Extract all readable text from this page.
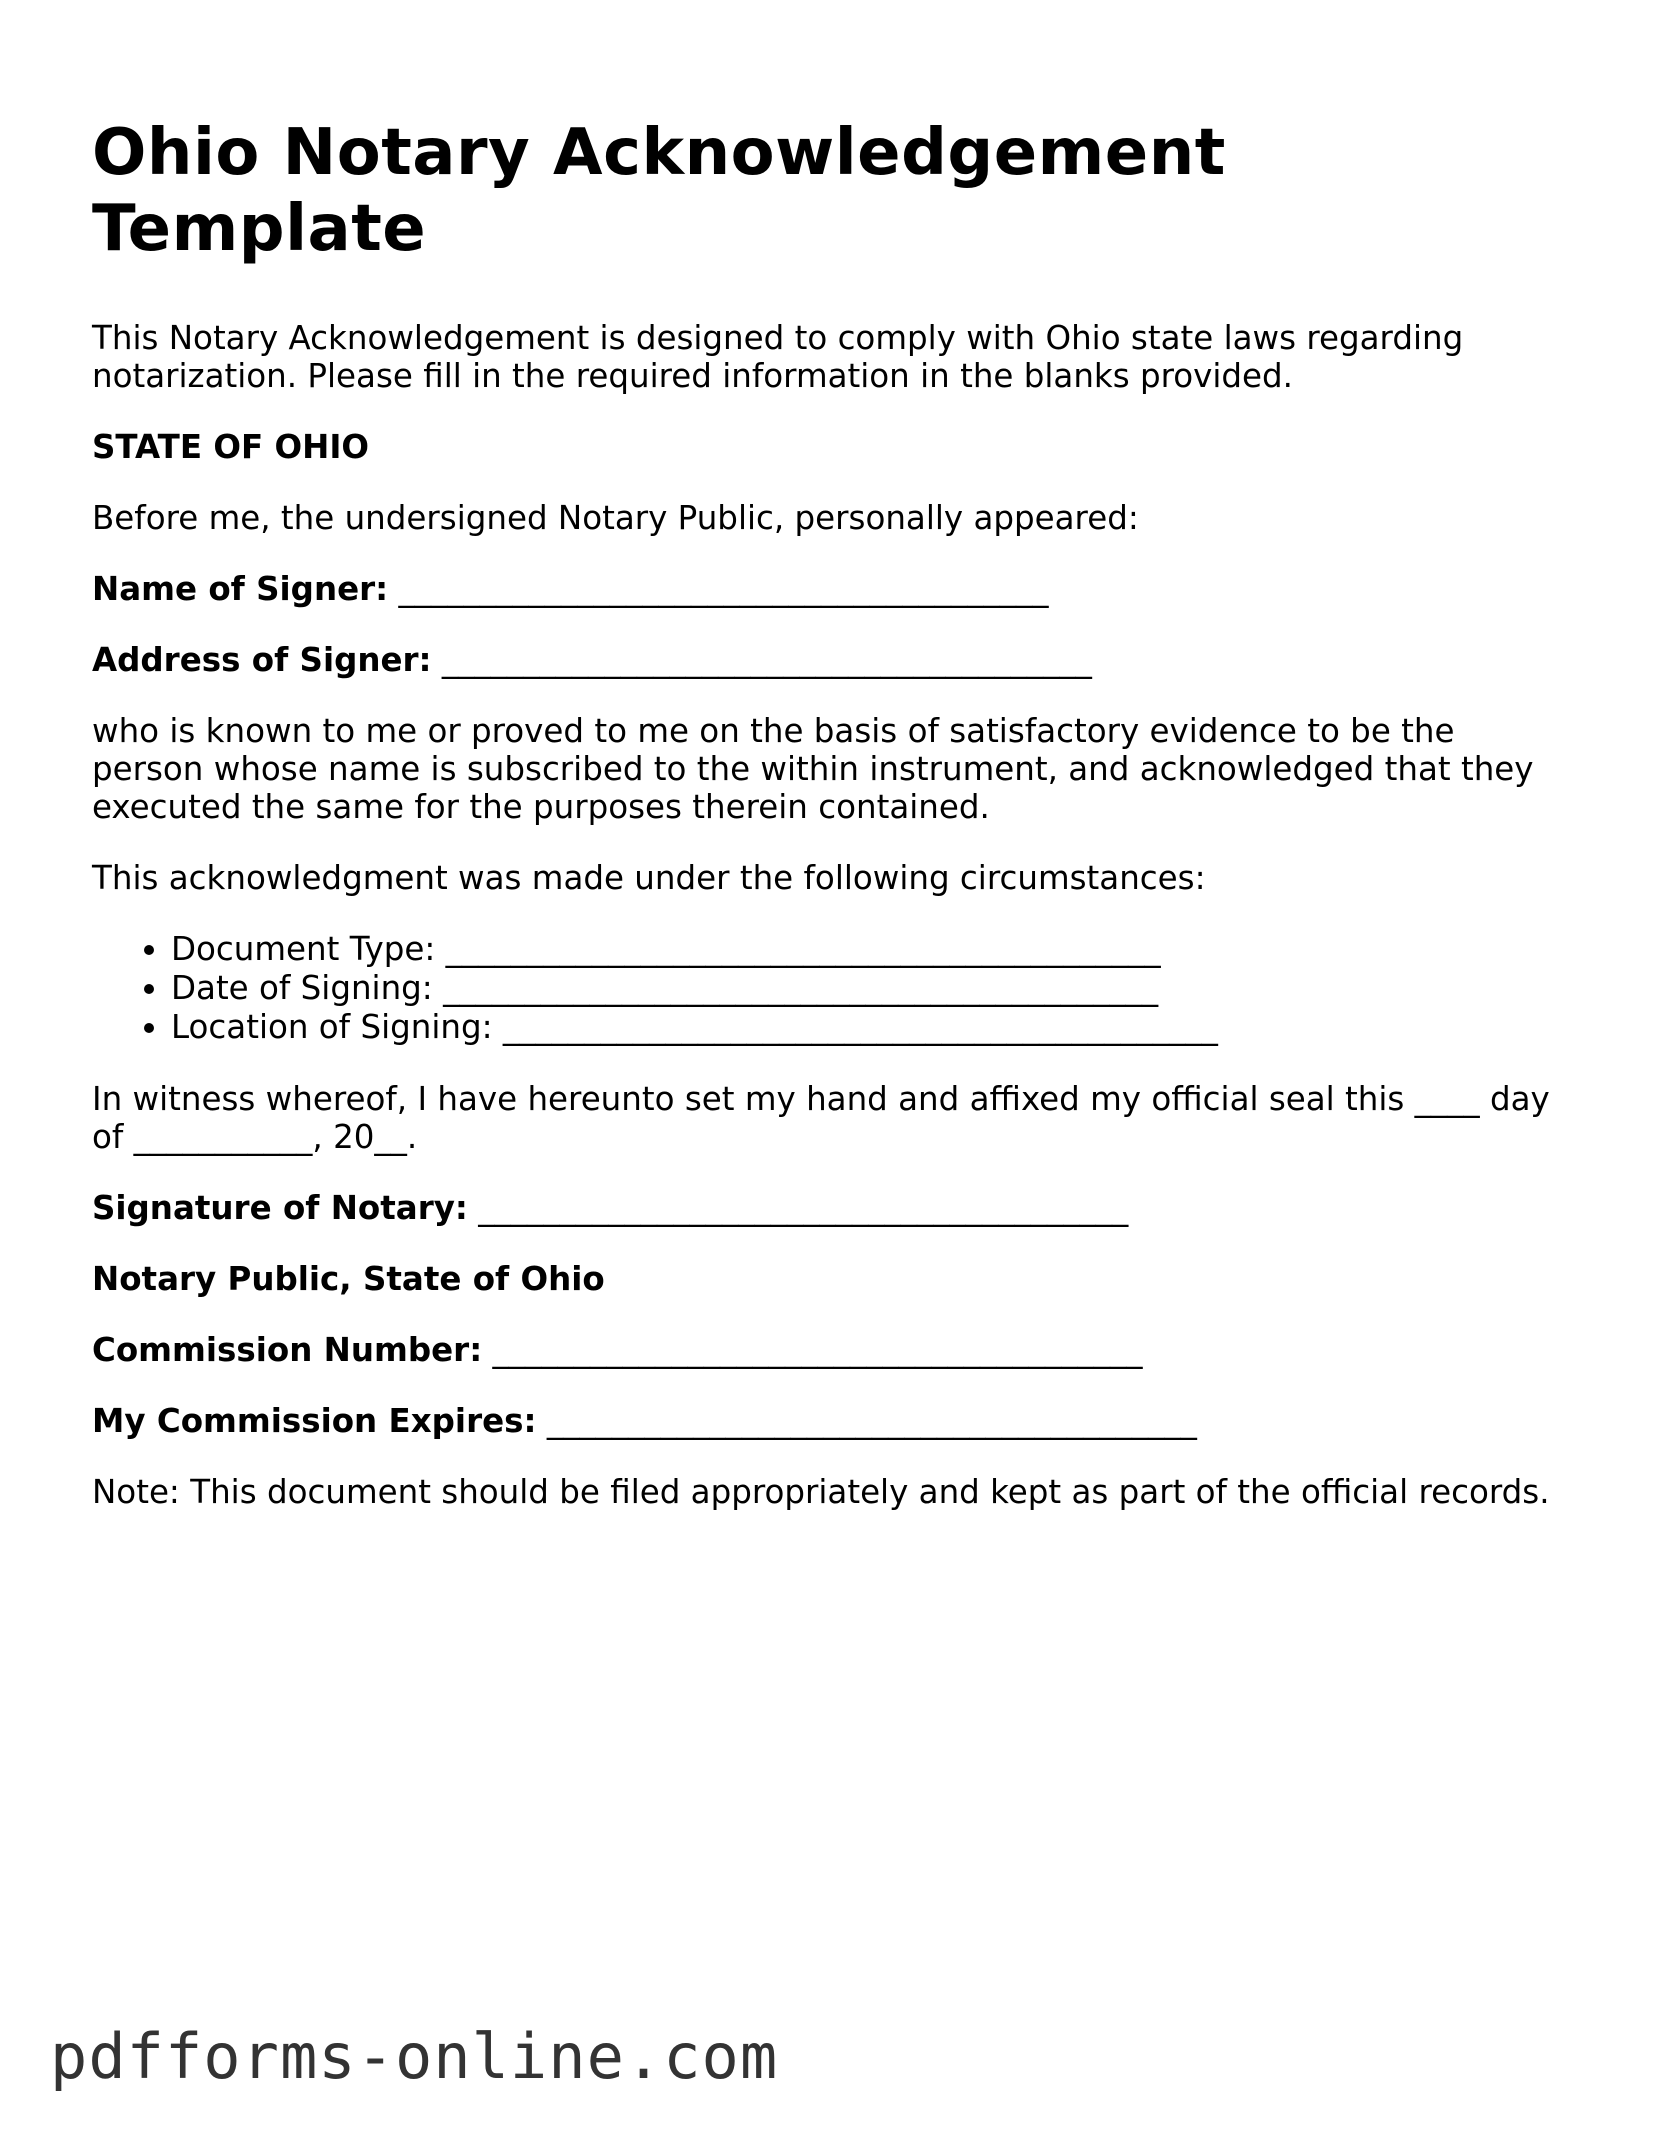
Ohio Notary Acknowledgement Template

This Notary Acknowledgement is designed to comply with Ohio state laws regarding notarization. Please fill in the required information in the blanks provided.

STATE OF OHIO

Before me, the undersigned Notary Public, personally appeared:

Name of Signer: ________________________________________

Address of Signer: ________________________________________

who is known to me or proved to me on the basis of satisfactory evidence to be the person whose name is subscribed to the within instrument, and acknowledged that they executed the same for the purposes therein contained.

This acknowledgment was made under the following circumstances:

• Document Type: ____________________________________________
• Date of Signing: ____________________________________________
• Location of Signing: ____________________________________________

In witness whereof, I have hereunto set my hand and affixed my official seal this ____ day of ___________, 20__.

Signature of Notary: ________________________________________

Notary Public, State of Ohio

Commission Number: ________________________________________

My Commission Expires: ________________________________________

Note: This document should be filed appropriately and kept as part of the official records.

pdfforms-online.com
